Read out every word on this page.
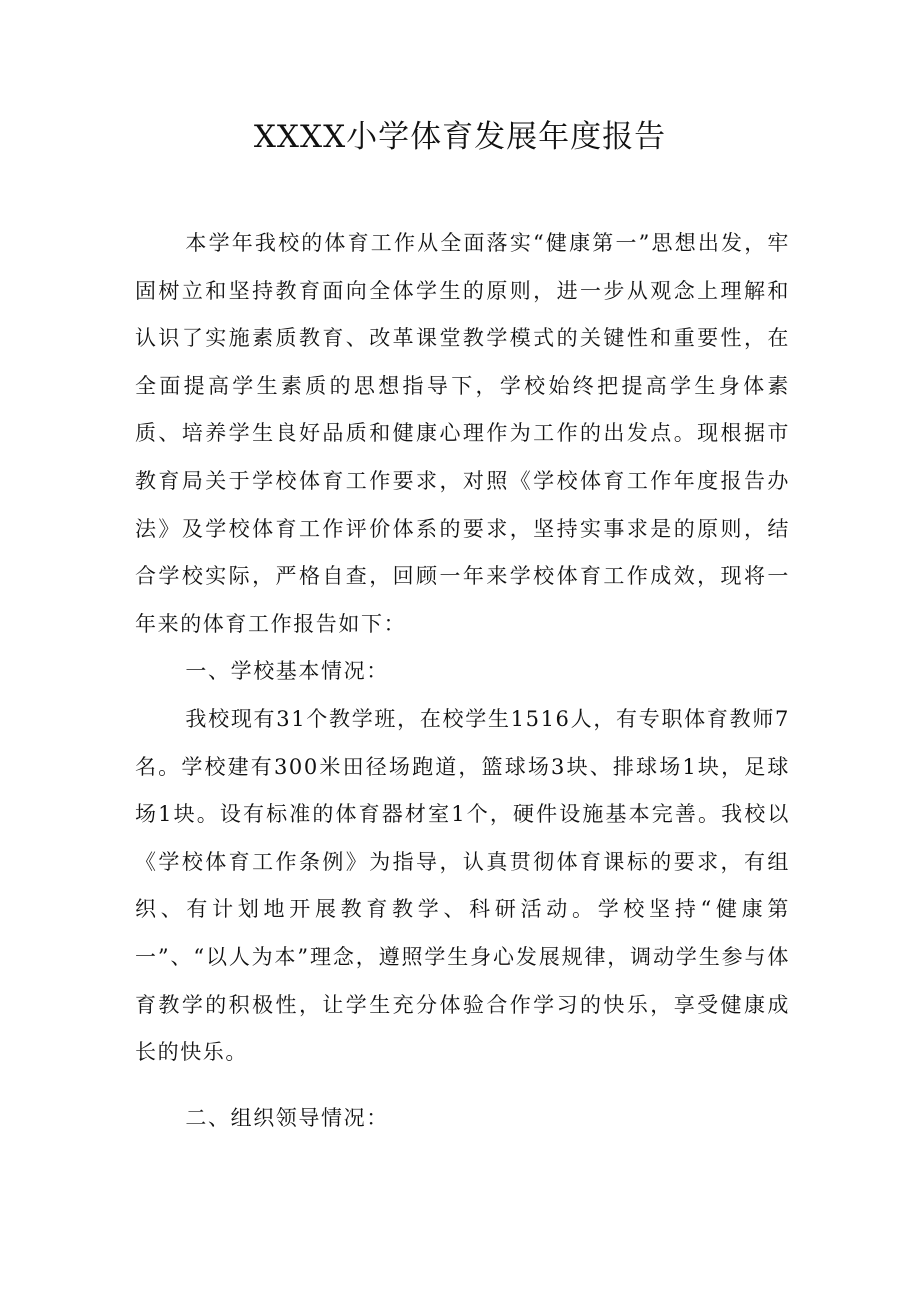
XXXX小学体育发展年度报告

本学年我校的体育工作从全面落实“健康第一”思想出发，牢固树立和坚持教育面向全体学生的原则，进一步从观念上理解和认识了实施素质教育、改革课堂教学模式的关键性和重要性，在全面提高学生素质的思想指导下，学校始终把提高学生身体素质、培养学生良好品质和健康心理作为工作的出发点。现根据市教育局关于学校体育工作要求，对照《学校体育工作年度报告办法》及学校体育工作评价体系的要求，坚持实事求是的原则，结合学校实际，严格自查，回顾一年来学校体育工作成效，现将一年来的体育工作报告如下：

一、学校基本情况：

我校现有31个教学班，在校学生1516人，有专职体育教师7名。学校建有300米田径场跑道，篮球场3块、排球场1块，足球场1块。设有标准的体育器材室1个，硬件设施基本完善。我校以《学校体育工作条例》为指导，认真贯彻体育课标的要求，有组织、有计划地开展教育教学、科研活动。学校坚持“健康第一”、“以人为本”理念，遵照学生身心发展规律，调动学生参与体育教学的积极性，让学生充分体验合作学习的快乐，享受健康成长的快乐。

二、组织领导情况：
